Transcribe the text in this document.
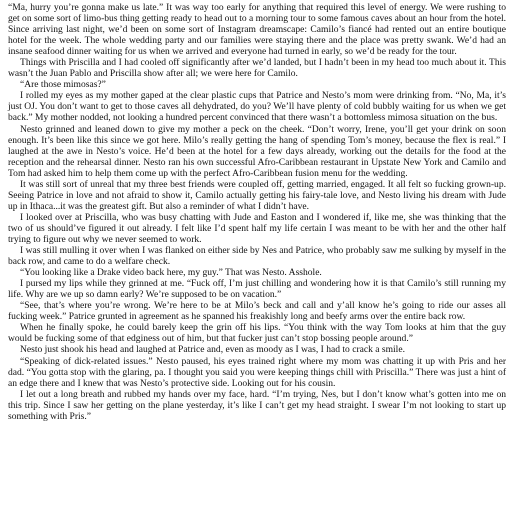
“Ma, hurry you’re gonna make us late.” It was way too early for anything that required this level of energy. We were rushing to get on some sort of limo-bus thing getting ready to head out to a morning tour to some famous caves about an hour from the hotel. Since arriving last night, we’d been on some sort of Instagram dreamscape: Camilo’s fiancé had rented out an entire boutique hotel for the week. The whole wedding party and our families were staying there and the place was pretty swank. We’d had an insane seafood dinner waiting for us when we arrived and everyone had turned in early, so we’d be ready for the tour.

Things with Priscilla and I had cooled off significantly after we’d landed, but I hadn’t been in my head too much about it. This wasn’t the Juan Pablo and Priscilla show after all; we were here for Camilo.

“Are those mimosas?”

I rolled my eyes as my mother gaped at the clear plastic cups that Patrice and Nesto’s mom were drinking from. “No, Ma, it’s just OJ. You don’t want to get to those caves all dehydrated, do you? We’ll have plenty of cold bubbly waiting for us when we get back.” My mother nodded, not looking a hundred percent convinced that there wasn’t a bottomless mimosa situation on the bus.

Nesto grinned and leaned down to give my mother a peck on the cheek. “Don’t worry, Irene, you’ll get your drink on soon enough. It’s been like this since we got here. Milo’s really getting the hang of spending Tom’s money, because the flex is real.” I laughed at the awe in Nesto’s voice. He’d been at the hotel for a few days already, working out the details for the food at the reception and the rehearsal dinner. Nesto ran his own successful Afro-Caribbean restaurant in Upstate New York and Camilo and Tom had asked him to help them come up with the perfect Afro-Caribbean fusion menu for the wedding.

It was still sort of unreal that my three best friends were coupled off, getting married, engaged. It all felt so fucking grown-up. Seeing Patrice in love and not afraid to show it, Camilo actually getting his fairy-tale love, and Nesto living his dream with Jude up in Ithaca...it was the greatest gift. But also a reminder of what I didn’t have.

I looked over at Priscilla, who was busy chatting with Jude and Easton and I wondered if, like me, she was thinking that the two of us should’ve figured it out already. I felt like I’d spent half my life certain I was meant to be with her and the other half trying to figure out why we never seemed to work.

I was still mulling it over when I was flanked on either side by Nes and Patrice, who probably saw me sulking by myself in the back row, and came to do a welfare check.

“You looking like a Drake video back here, my guy.” That was Nesto. Asshole.

I pursed my lips while they grinned at me. “Fuck off, I’m just chilling and wondering how it is that Camilo’s still running my life. Why are we up so damn early? We’re supposed to be on vacation.”

“See, that’s where you’re wrong. We’re here to be at Milo’s beck and call and y’all know he’s going to ride our asses all fucking week.” Patrice grunted in agreement as he spanned his freakishly long and beefy arms over the entire back row.

When he finally spoke, he could barely keep the grin off his lips. “You think with the way Tom looks at him that the guy would be fucking some of that edginess out of him, but that fucker just can’t stop bossing people around.”

Nesto just shook his head and laughed at Patrice and, even as moody as I was, I had to crack a smile.

“Speaking of dick-related issues.” Nesto paused, his eyes trained right where my mom was chatting it up with Pris and her dad. “You gotta stop with the glaring, pa. I thought you said you were keeping things chill with Priscilla.” There was just a hint of an edge there and I knew that was Nesto’s protective side. Looking out for his cousin.

I let out a long breath and rubbed my hands over my face, hard. “I’m trying, Nes, but I don’t know what’s gotten into me on this trip. Since I saw her getting on the plane yesterday, it’s like I can’t get my head straight. I swear I’m not looking to start up something with Pris.”
